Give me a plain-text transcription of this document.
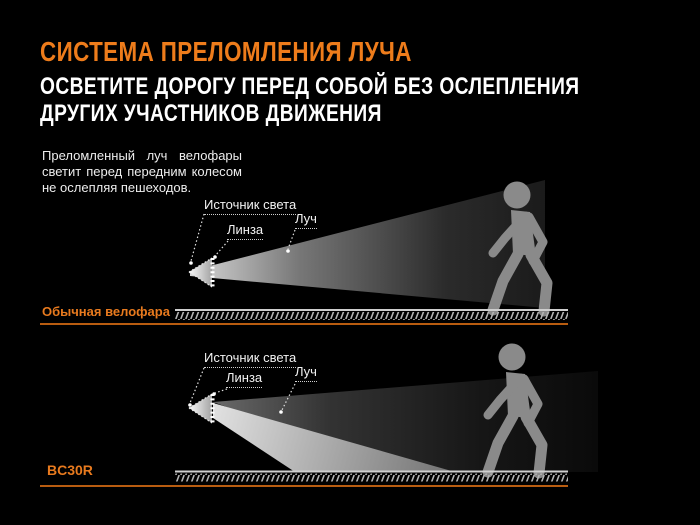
СИСТЕМА ПРЕЛОМЛЕНИЯ ЛУЧА
ОСВЕТИТЕ ДОРОГУ ПЕРЕД СОБОЙ БЕЗ ОСЛЕПЛЕНИЯ
ДРУГИХ УЧАСТНИКОВ ДВИЖЕНИЯ
Преломленный луч велофары светит перед передним колесом не ослепляя пешеходов.
Источник света
Линза
Луч
Обычная велофара
Источник света
Линза	Луч
BC30R
